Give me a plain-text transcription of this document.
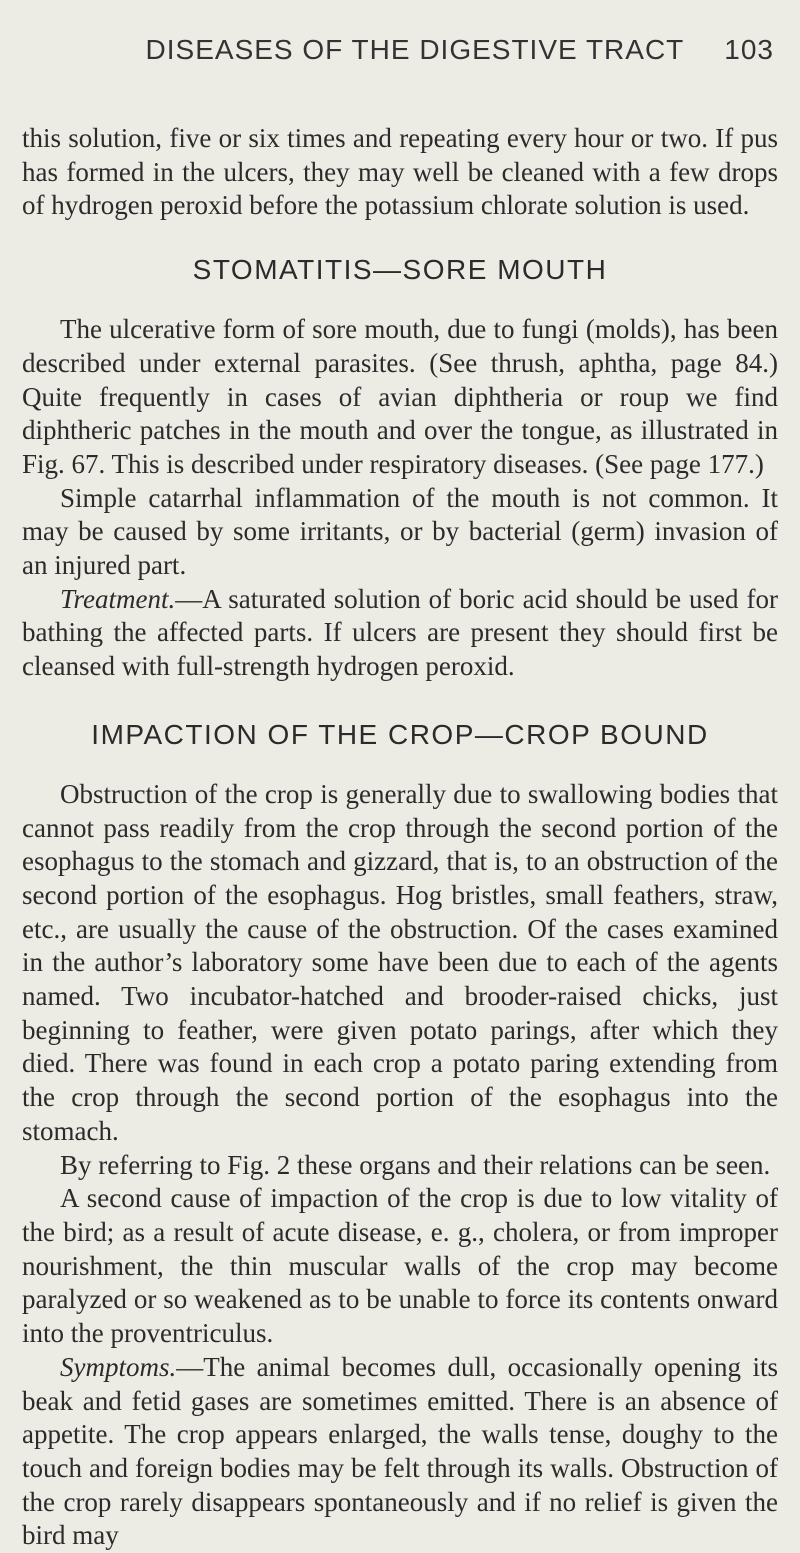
DISEASES OF THE DIGESTIVE TRACT 103

this solution, five or six times and repeating every hour or two. If pus has formed in the ulcers, they may well be cleaned with a few drops of hydrogen peroxid before the potassium chlorate solution is used.

STOMATITIS—SORE MOUTH

The ulcerative form of sore mouth, due to fungi (molds), has been described under external parasites. (See thrush, aphtha, page 84.) Quite frequently in cases of avian diphtheria or roup we find diphtheric patches in the mouth and over the tongue, as illustrated in Fig. 67. This is described under respiratory diseases. (See page 177.)

Simple catarrhal inflammation of the mouth is not common. It may be caused by some irritants, or by bacterial (germ) invasion of an injured part.

Treatment.—A saturated solution of boric acid should be used for bathing the affected parts. If ulcers are present they should first be cleansed with full-strength hydrogen peroxid.

IMPACTION OF THE CROP—CROP BOUND

Obstruction of the crop is generally due to swallowing bodies that cannot pass readily from the crop through the second portion of the esophagus to the stomach and gizzard, that is, to an obstruction of the second portion of the esophagus. Hog bristles, small feathers, straw, etc., are usually the cause of the obstruction. Of the cases examined in the author’s laboratory some have been due to each of the agents named. Two incubator-hatched and brooder-raised chicks, just beginning to feather, were given potato parings, after which they died. There was found in each crop a potato paring extending from the crop through the second portion of the esophagus into the stomach.

By referring to Fig. 2 these organs and their relations can be seen.

A second cause of impaction of the crop is due to low vitality of the bird; as a result of acute disease, e. g., cholera, or from improper nourishment, the thin muscular walls of the crop may become paralyzed or so weakened as to be unable to force its contents onward into the proventriculus.

Symptoms.—The animal becomes dull, occasionally opening its beak and fetid gases are sometimes emitted. There is an absence of appetite. The crop appears enlarged, the walls tense, doughy to the touch and foreign bodies may be felt through its walls. Obstruction of the crop rarely disappears spontaneously and if no relief is given the bird may
